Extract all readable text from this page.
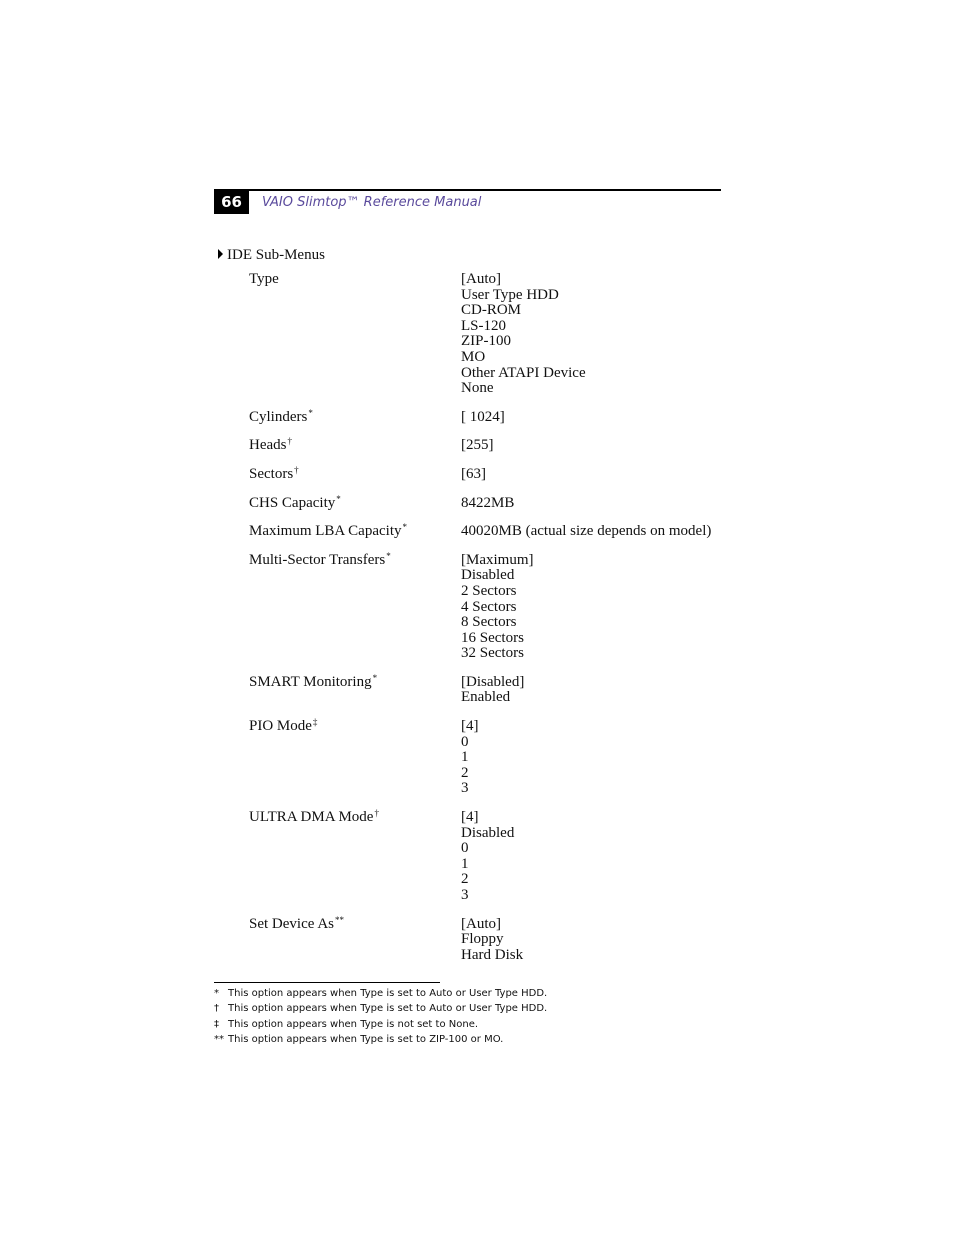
66	VAIO Slimtop™ Reference Manual
IDE Sub-Menus
Type	[Auto]
User Type HDD
CD-ROM
LS-120
ZIP-100
MO
Other ATAPI Device
None
Cylinders*	[ 1024]
Heads†	[255]
Sectors†	[63]
CHS Capacity*	8422MB
Maximum LBA Capacity*	40020MB (actual size depends on model)
Multi-Sector Transfers*	[Maximum]
Disabled
2 Sectors
4 Sectors
8 Sectors
16 Sectors
32 Sectors
SMART Monitoring*	[Disabled]
Enabled
PIO Mode‡	[4]
0
1
2
3
ULTRA DMA Mode†	[4]
Disabled
0
1
2
3
Set Device As**	[Auto]
Floppy
Hard Disk
* This option appears when Type is set to Auto or User Type HDD.
† This option appears when Type is set to Auto or User Type HDD.
‡ This option appears when Type is not set to None.
** This option appears when Type is set to ZIP-100 or MO.
